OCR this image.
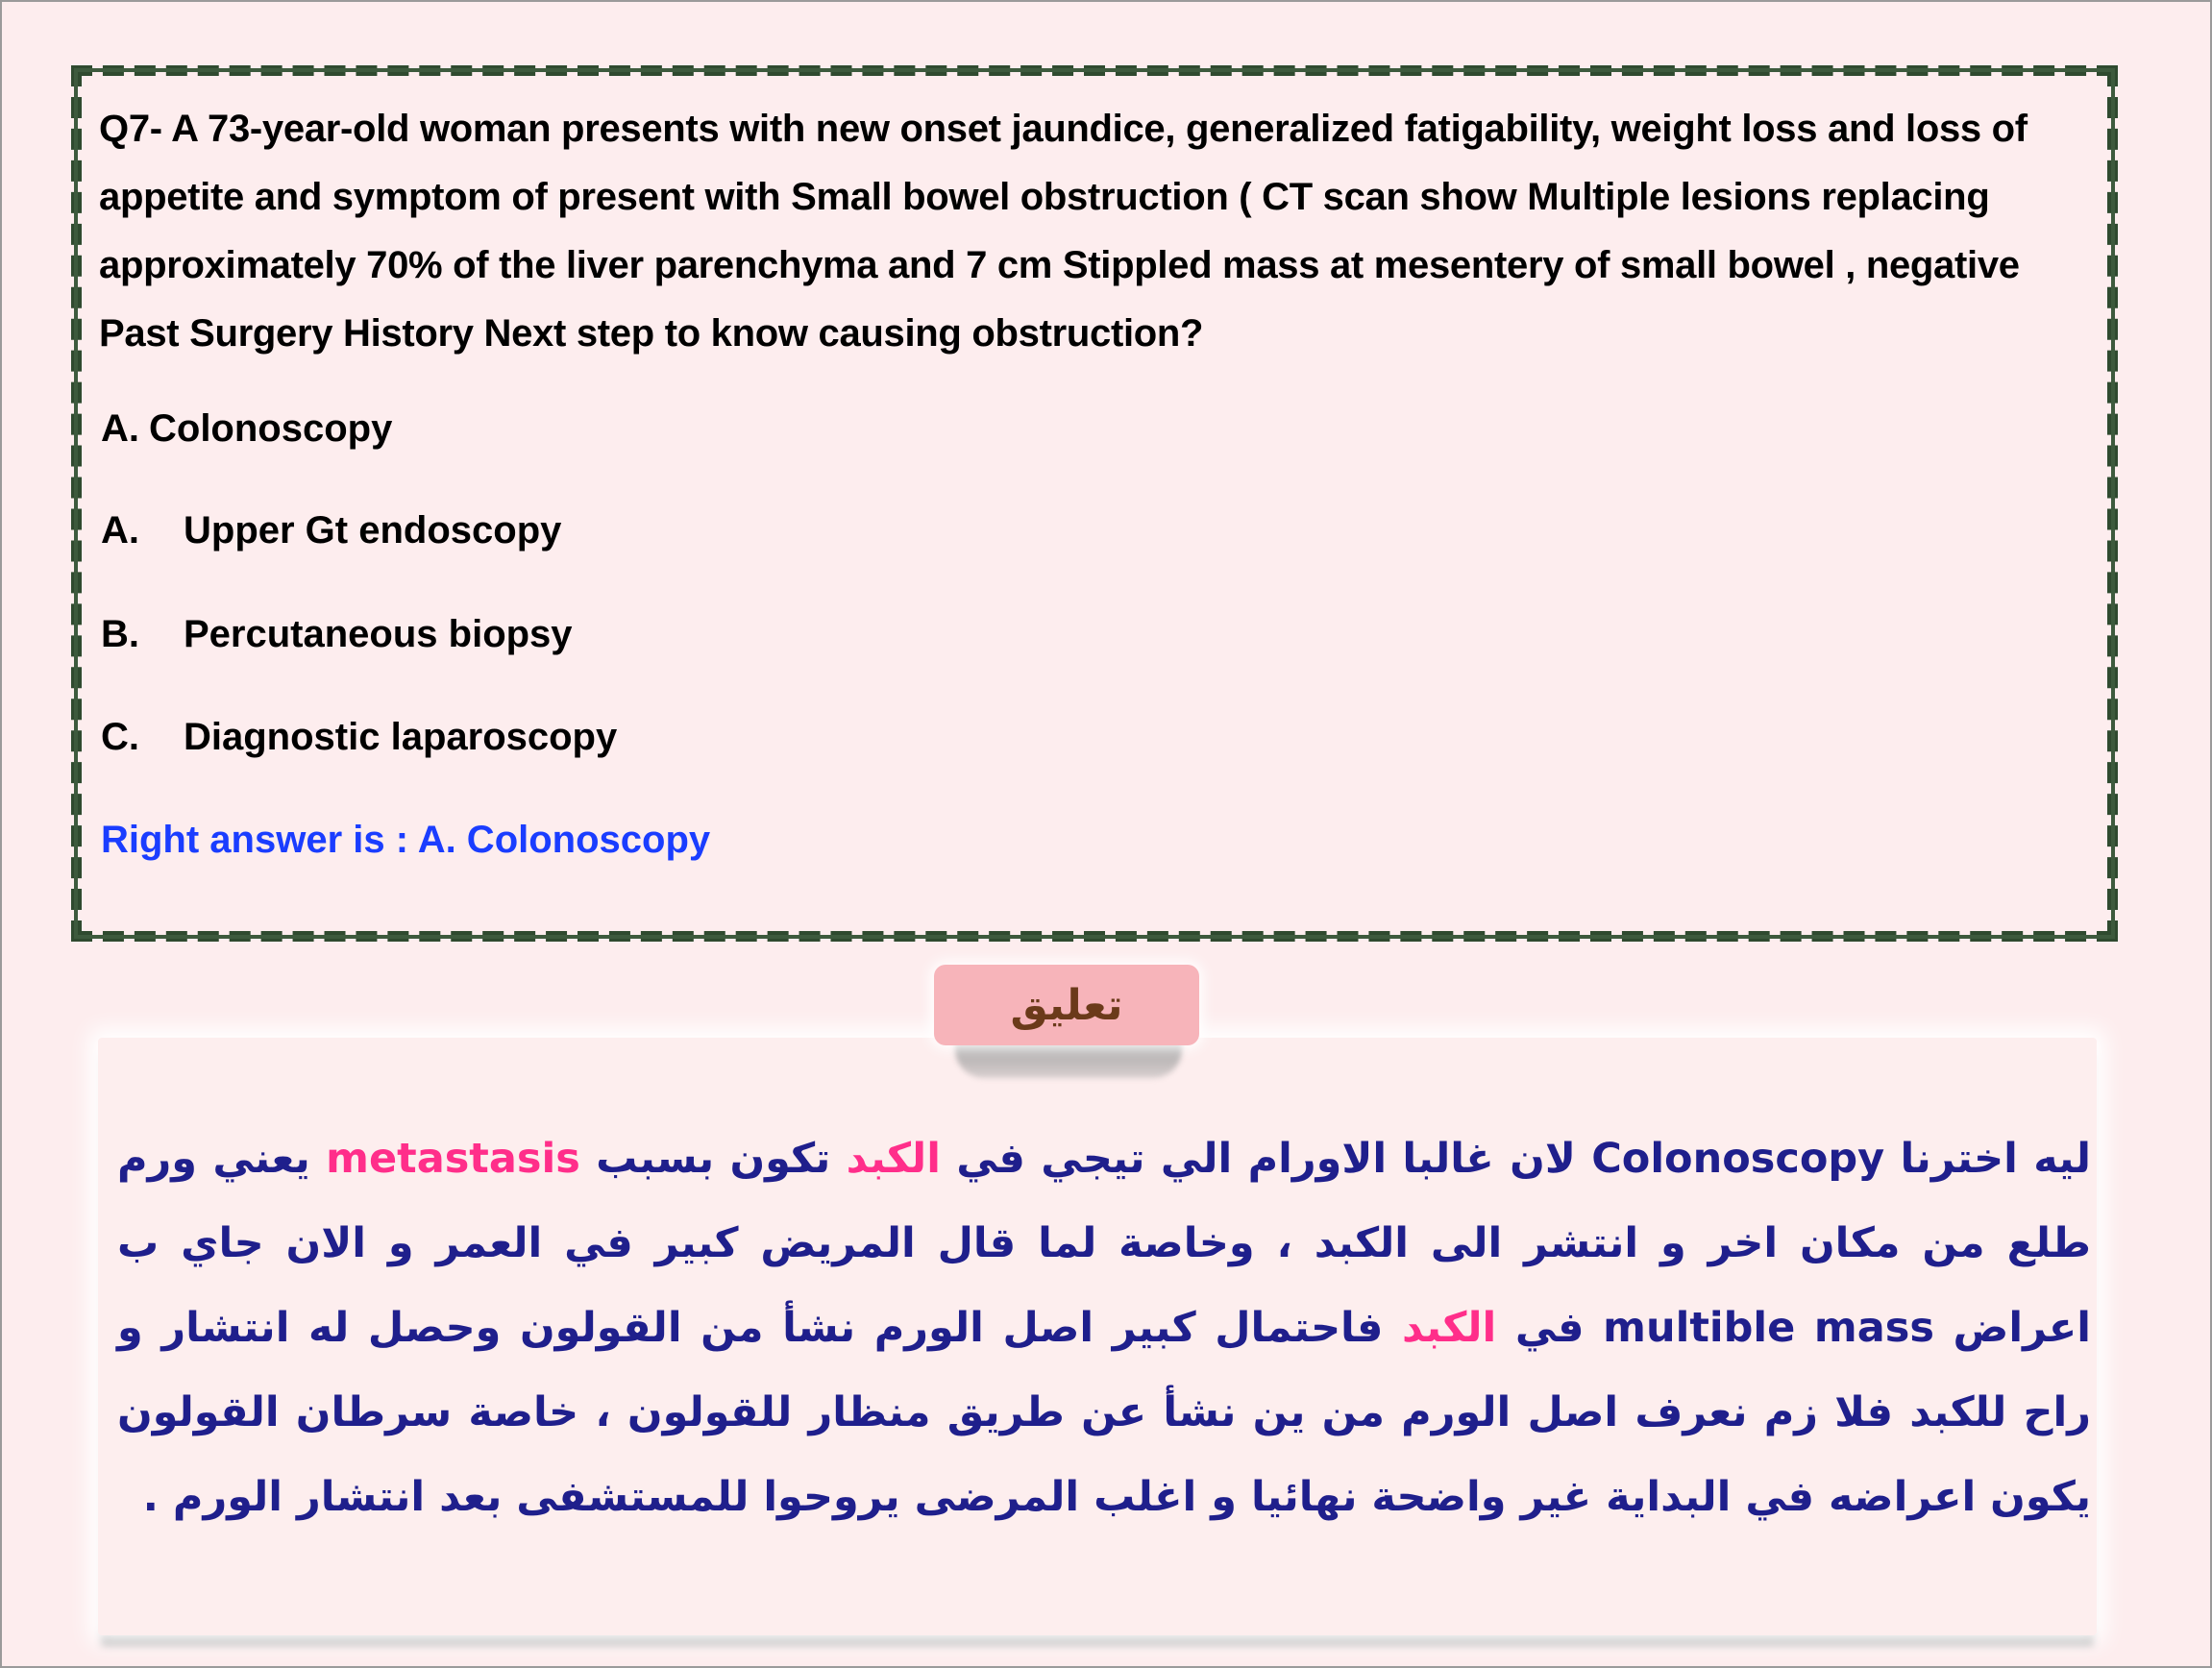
Q7- A 73-year-old woman presents with new onset jaundice, generalized fatigability, weight loss and loss of appetite and symptom of present with Small bowel obstruction ( CT scan show Multiple lesions replacing approximately 70% of the liver parenchyma and 7 cm Stippled mass at mesentery of small bowel , negative Past Surgery History Next step to know causing obstruction?

A. Colonoscopy
A.	Upper Gt endoscopy
B.	Percutaneous biopsy
C.	Diagnostic laparoscopy

Right answer is : A. Colonoscopy

ليه اخترنا Colonoscopy لان غالبا الاورام الي تيجي في الكبد تكون بسبب metastasis يعني ورم طلع من مكان اخر و انتشر الى الكبد ، وخاصة لما قال المريض كبير في العمر و الان جاي ب اعراض multible mass في الكبد فاحتمال كبير اصل الورم نشأ من القولون وحصل له انتشار و راح للكبد فلا زم نعرف اصل الورم من ين نشأ عن طريق منظار للقولون ، خاصة سرطان القولون يكون اعراضه في البداية غير واضحة نهائيا و اغلب المرضى يروحوا للمستشفى بعد انتشار الورم .

تعليق
